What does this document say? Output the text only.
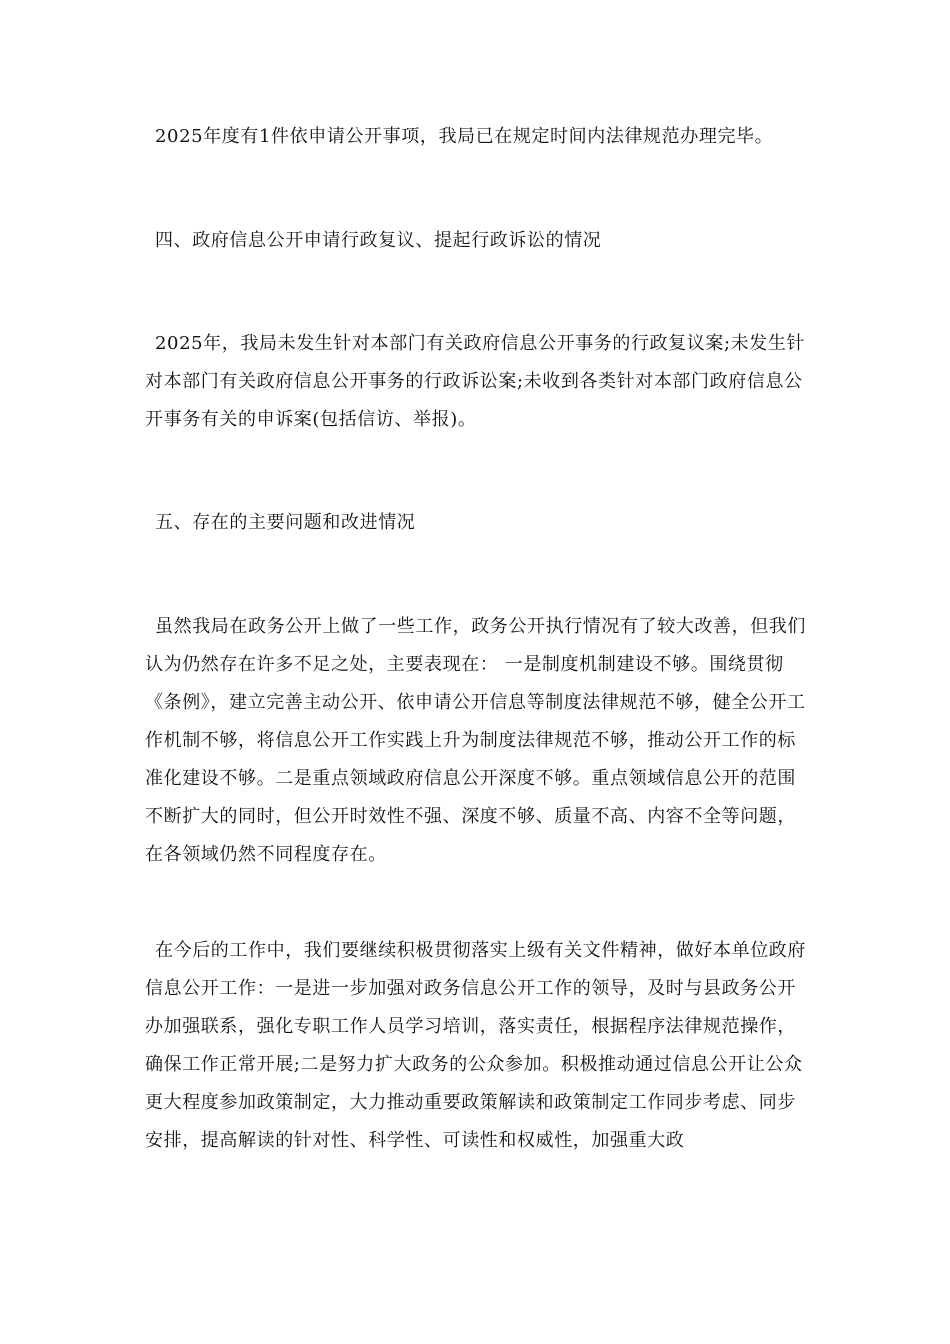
2025年度有1件依申请公开事项，我局已在规定时间内法律规范办理完毕。

四、政府信息公开申请行政复议、提起行政诉讼的情况

2025年，我局未发生针对本部门有关政府信息公开事务的行政复议案;未发生针对本部门有关政府信息公开事务的行政诉讼案;未收到各类针对本部门政府信息公开事务有关的申诉案(包括信访、举报)。

五、存在的主要问题和改进情况

虽然我局在政务公开上做了一些工作，政务公开执行情况有了较大改善，但我们认为仍然存在许多不足之处，主要表现在： 一是制度机制建设不够。围绕贯彻《条例》，建立完善主动公开、依申请公开信息等制度法律规范不够，健全公开工作机制不够，将信息公开工作实践上升为制度法律规范不够，推动公开工作的标准化建设不够。二是重点领域政府信息公开深度不够。重点领域信息公开的范围不断扩大的同时，但公开时效性不强、深度不够、质量不高、内容不全等问题，在各领域仍然不同程度存在。

在今后的工作中，我们要继续积极贯彻落实上级有关文件精神，做好本单位政府信息公开工作：一是进一步加强对政务信息公开工作的领导，及时与县政务公开办加强联系，强化专职工作人员学习培训，落实责任，根据程序法律规范操作，确保工作正常开展;二是努力扩大政务的公众参加。积极推动通过信息公开让公众更大程度参加政策制定，大力推动重要政策解读和政策制定工作同步考虑、同步安排，提高解读的针对性、科学性、可读性和权威性，加强重大政
